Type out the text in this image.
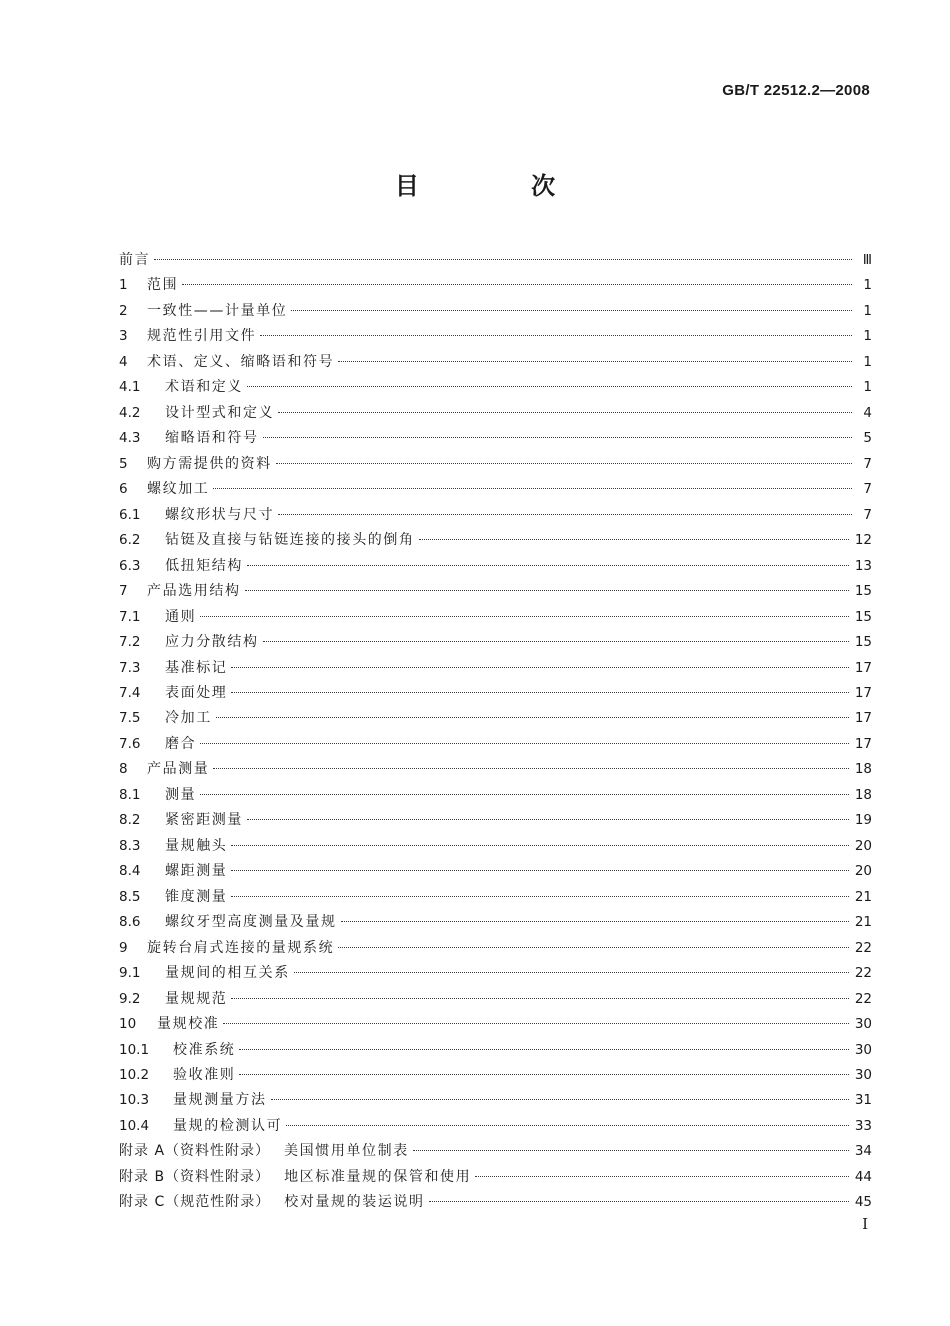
GB/T 22512.2—2008
目 次
前言	Ⅲ
1	范围	1
2	一致性——计量单位	1
3	规范性引用文件	1
4	术语、定义、缩略语和符号	1
4.1	术语和定义	1
4.2	设计型式和定义	4
4.3	缩略语和符号	5
5	购方需提供的资料	7
6	螺纹加工	7
6.1	螺纹形状与尺寸	7
6.2	钻铤及直接与钻铤连接的接头的倒角	12
6.3	低扭矩结构	13
7	产品选用结构	15
7.1	通则	15
7.2	应力分散结构	15
7.3	基准标记	17
7.4	表面处理	17
7.5	冷加工	17
7.6	磨合	17
8	产品测量	18
8.1	测量	18
8.2	紧密距测量	19
8.3	量规触头	20
8.4	螺距测量	20
8.5	锥度测量	21
8.6	螺纹牙型高度测量及量规	21
9	旋转台肩式连接的量规系统	22
9.1	量规间的相互关系	22
9.2	量规规范	22
10	量规校准	30
10.1	校准系统	30
10.2	验收准则	30
10.3	量规测量方法	31
10.4	量规的检测认可	33
附录 A（资料性附录） 美国惯用单位制表	34
附录 B（资料性附录） 地区标准量规的保管和使用	44
附录 C（规范性附录） 校对量规的装运说明	45
I
